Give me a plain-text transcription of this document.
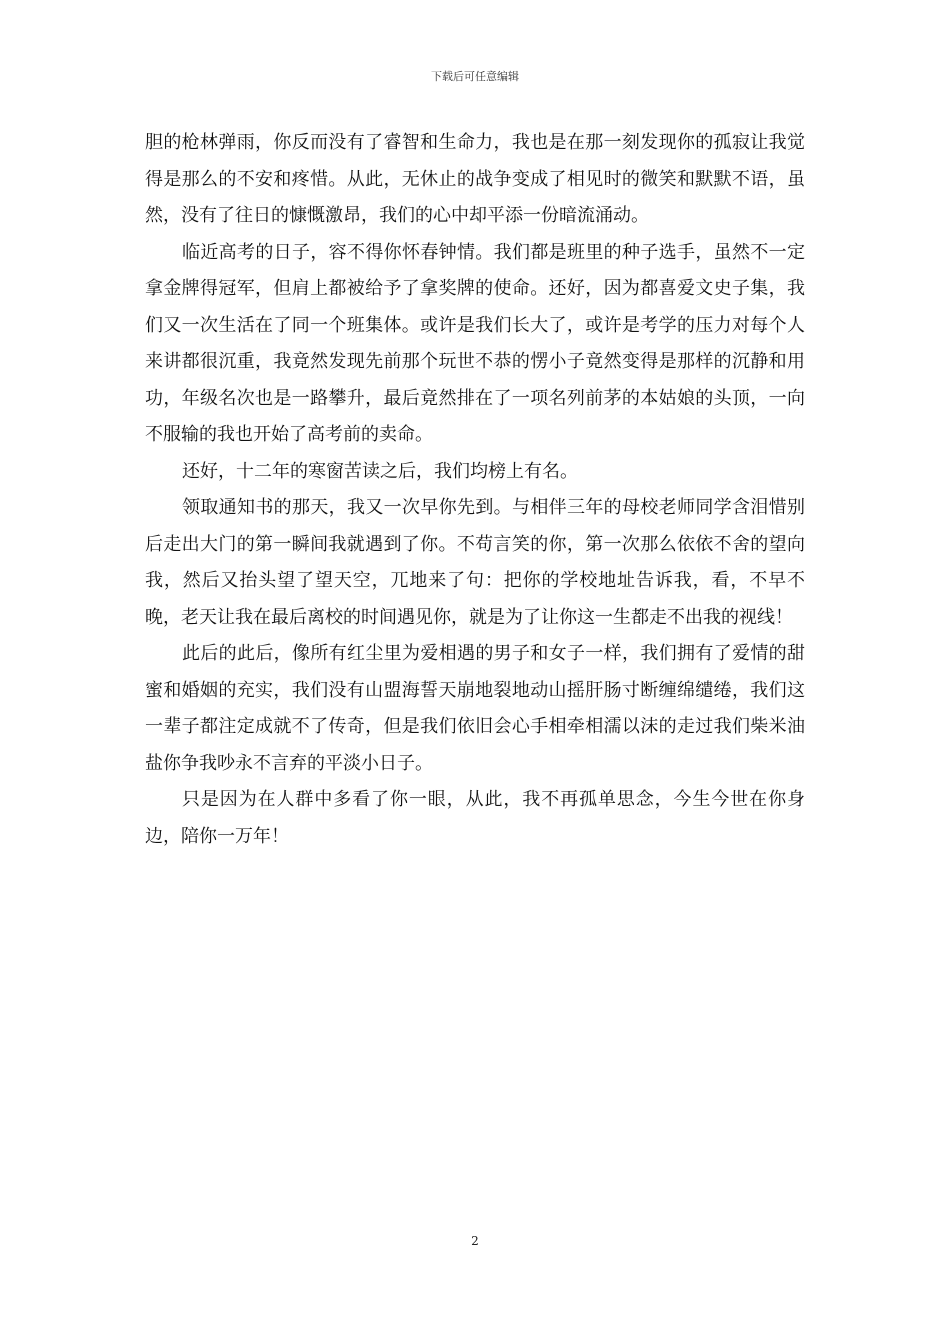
下载后可任意编辑

胆的枪林弹雨，你反而没有了睿智和生命力，我也是在那一刻发现你的孤寂让我觉得是那么的不安和疼惜。从此，无休止的战争变成了相见时的微笑和默默不语，虽然，没有了往日的慷慨激昂，我们的心中却平添一份暗流涌动。

临近高考的日子，容不得你怀春钟情。我们都是班里的种子选手，虽然不一定拿金牌得冠军，但肩上都被给予了拿奖牌的使命。还好，因为都喜爱文史子集，我们又一次生活在了同一个班集体。或许是我们长大了，或许是考学的压力对每个人来讲都很沉重，我竟然发现先前那个玩世不恭的愣小子竟然变得是那样的沉静和用功，年级名次也是一路攀升，最后竟然排在了一项名列前茅的本姑娘的头顶，一向不服输的我也开始了高考前的卖命。

还好，十二年的寒窗苦读之后，我们均榜上有名。

领取通知书的那天，我又一次早你先到。与相伴三年的母校老师同学含泪惜别后走出大门的第一瞬间我就遇到了你。不苟言笑的你，第一次那么依依不舍的望向我，然后又抬头望了望天空，兀地来了句：把你的学校地址告诉我，看，不早不晚，老天让我在最后离校的时间遇见你，就是为了让你这一生都走不出我的视线！

此后的此后，像所有红尘里为爱相遇的男子和女子一样，我们拥有了爱情的甜蜜和婚姻的充实，我们没有山盟海誓天崩地裂地动山摇肝肠寸断缠绵缱绻，我们这一辈子都注定成就不了传奇，但是我们依旧会心手相牵相濡以沫的走过我们柴米油盐你争我吵永不言弃的平淡小日子。

只是因为在人群中多看了你一眼，从此，我不再孤单思念，今生今世在你身边，陪你一万年！

2
